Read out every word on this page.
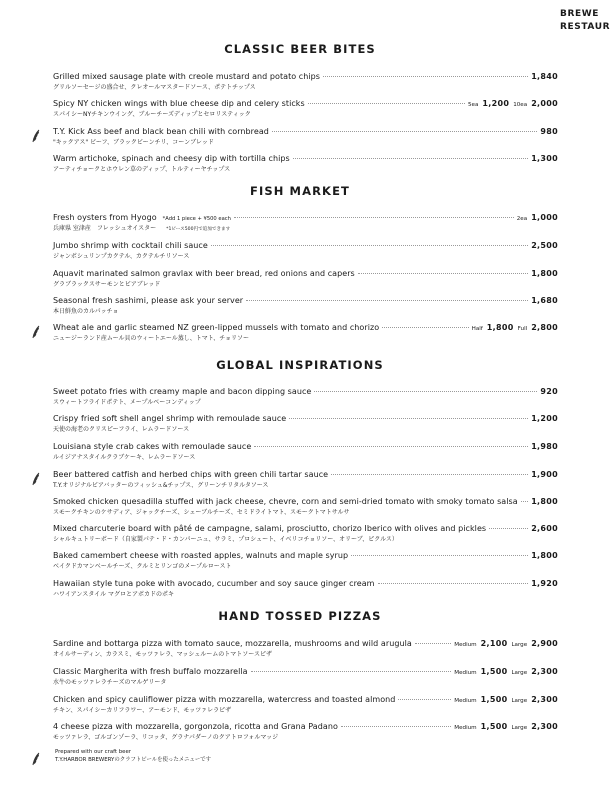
BREWE
RESTAUR
CLASSIC BEER BITES
FISH MARKET
GLOBAL INSPIRATIONS
HAND TOSSED PIZZAS
Grilled mixed sausage plate with creole mustard and potato chips	1,840
グリルソーセージの盛合せ、クレオールマスタードソース、ポテトチップス
Spicy NY chicken wings with blue cheese dip and celery sticks	5ea 1,200 10ea 2,000
スパイシーNYチキンウイング、ブルーチーズディップとセロリスティック
T.Y. Kick Ass beef and black bean chili with cornbread	980
"キックアス" ビーフ、ブラックビーンチリ、コーンブレッド
Warm artichoke, spinach and cheesy dip with tortilla chips	1,300
アーティチョークとホウレン草のディップ、トルティーヤチップス
Fresh oysters from Hyogo *Add 1 piece + ¥500 each	2ea 1,000
兵庫県 室津産　フレッシュオイスター *1ピース500円で追加できます
Jumbo shrimp with cocktail chili sauce	2,500
ジャンボシュリンプカクテル、カクテルチリソース
Aquavit marinated salmon gravlax with beer bread, red onions and capers	1,800
グラブラックスサーモンとビアブレッド
Seasonal fresh sashimi, please ask your server	1,680
本日鮮魚のカルパッチョ
Wheat ale and garlic steamed NZ green-lipped mussels with tomato and chorizo	Half 1,800 Full 2,800
ニュージーランド産ムール貝のウィートエール蒸し、トマト、チョリソー
Sweet potato fries with creamy maple and bacon dipping sauce	920
スウィートフライドポテト、メープルベーコンディップ
Crispy fried soft shell angel shrimp with remoulade sauce	1,200
天使の海老のクリスピーフライ、レムラードソース
Louisiana style crab cakes with remoulade sauce	1,980
ルイジアナスタイルクラブケーキ、レムラードソース
Beer battered catfish and herbed chips with green chili tartar sauce	1,900
T.Y.オリジナルビアバッターのフィッシュ&チップス、グリーンチリタルタソース
Smoked chicken quesadilla stuffed with jack cheese, chevre, corn and semi-dried tomato with smoky tomato salsa 1,800
スモークチキンのケサディア、ジャックチーズ、シェーブルチーズ、セミドライトマト、スモークトマトサルサ
Mixed charcuterie board with pâté de campagne, salami, prosciutto, chorizo Iberico with olives and pickles	2,600
シャルキュトリーボード（自家製パテ・ド・カンパーニュ、サラミ、プロシュート、イベリコチョリソー、オリーブ、ピクルス）
Baked camembert cheese with roasted apples, walnuts and maple syrup	1,800
ベイクドカマンベールチーズ、クルミとリンゴのメープルロースト
Hawaiian style tuna poke with avocado, cucumber and soy sauce ginger cream	1,920
ハワイアンスタイル マグロとアボカドのポキ
Sardine and bottarga pizza with tomato sauce, mozzarella, mushrooms and wild arugula	Medium 2,100 Large 2,900
オイルサーディン、カラスミ、モッツァレラ、マッシュルームのトマトソースピザ
Classic Margherita with fresh buffalo mozzarella	Medium 1,500 Large 2,300
水牛のモッツァレラチーズのマルゲリータ
Chicken and spicy cauliflower pizza with mozzarella, watercress and toasted almond	Medium 1,500 Large 2,300
チキン、スパイシーカリフラワー、アーモンド、モッツァレラピザ
4 cheese pizza with mozzarella, gorgonzola, ricotta and Grana Padano	Medium 1,500 Large 2,300
モッツァレラ、ゴルゴンゾーラ、リコッタ、グラナパダーノのクアトロフォルマッジ
Prepared with our craft beer
T.Y.HARBOR BREWERYのクラフトビールを使ったメニューです
